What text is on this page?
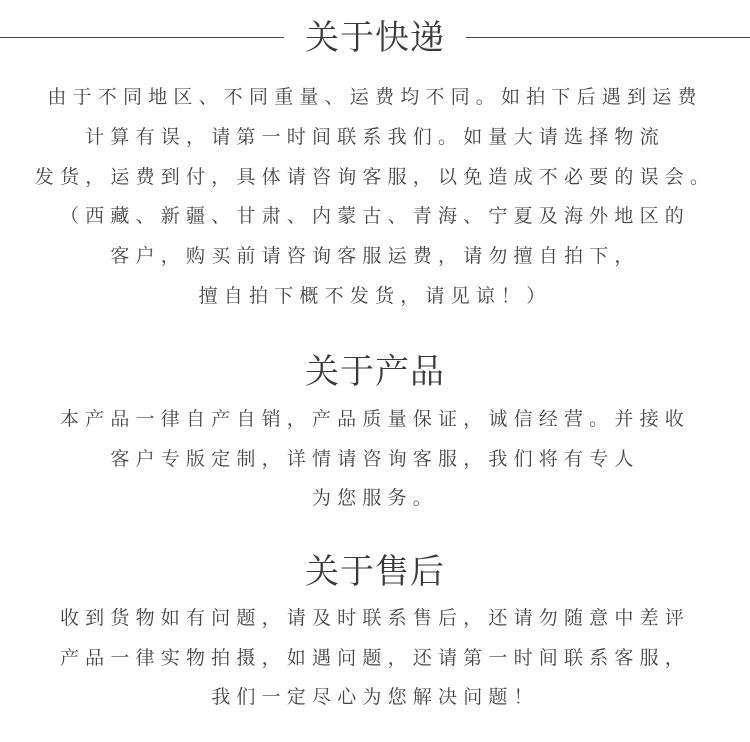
关于快递

由于不同地区、不同重量、运费均不同。如拍下后遇到运费

计算有误，请第一时间联系我们。如量大请选择物流

发货，运费到付，具体请咨询客服，以免造成不必要的误会。

（西藏、新疆、甘肃、内蒙古、青海、宁夏及海外地区的

客户，购买前请咨询客服运费，请勿擅自拍下，

擅自拍下概不发货，请见谅！）

关于产品

本产品一律自产自销，产品质量保证，诚信经营。并接收

客户专版定制，详情请咨询客服，我们将有专人

为您服务。

关于售后

收到货物如有问题，请及时联系售后，还请勿随意中差评

产品一律实物拍摄，如遇问题，还请第一时间联系客服，

我们一定尽心为您解决问题！
